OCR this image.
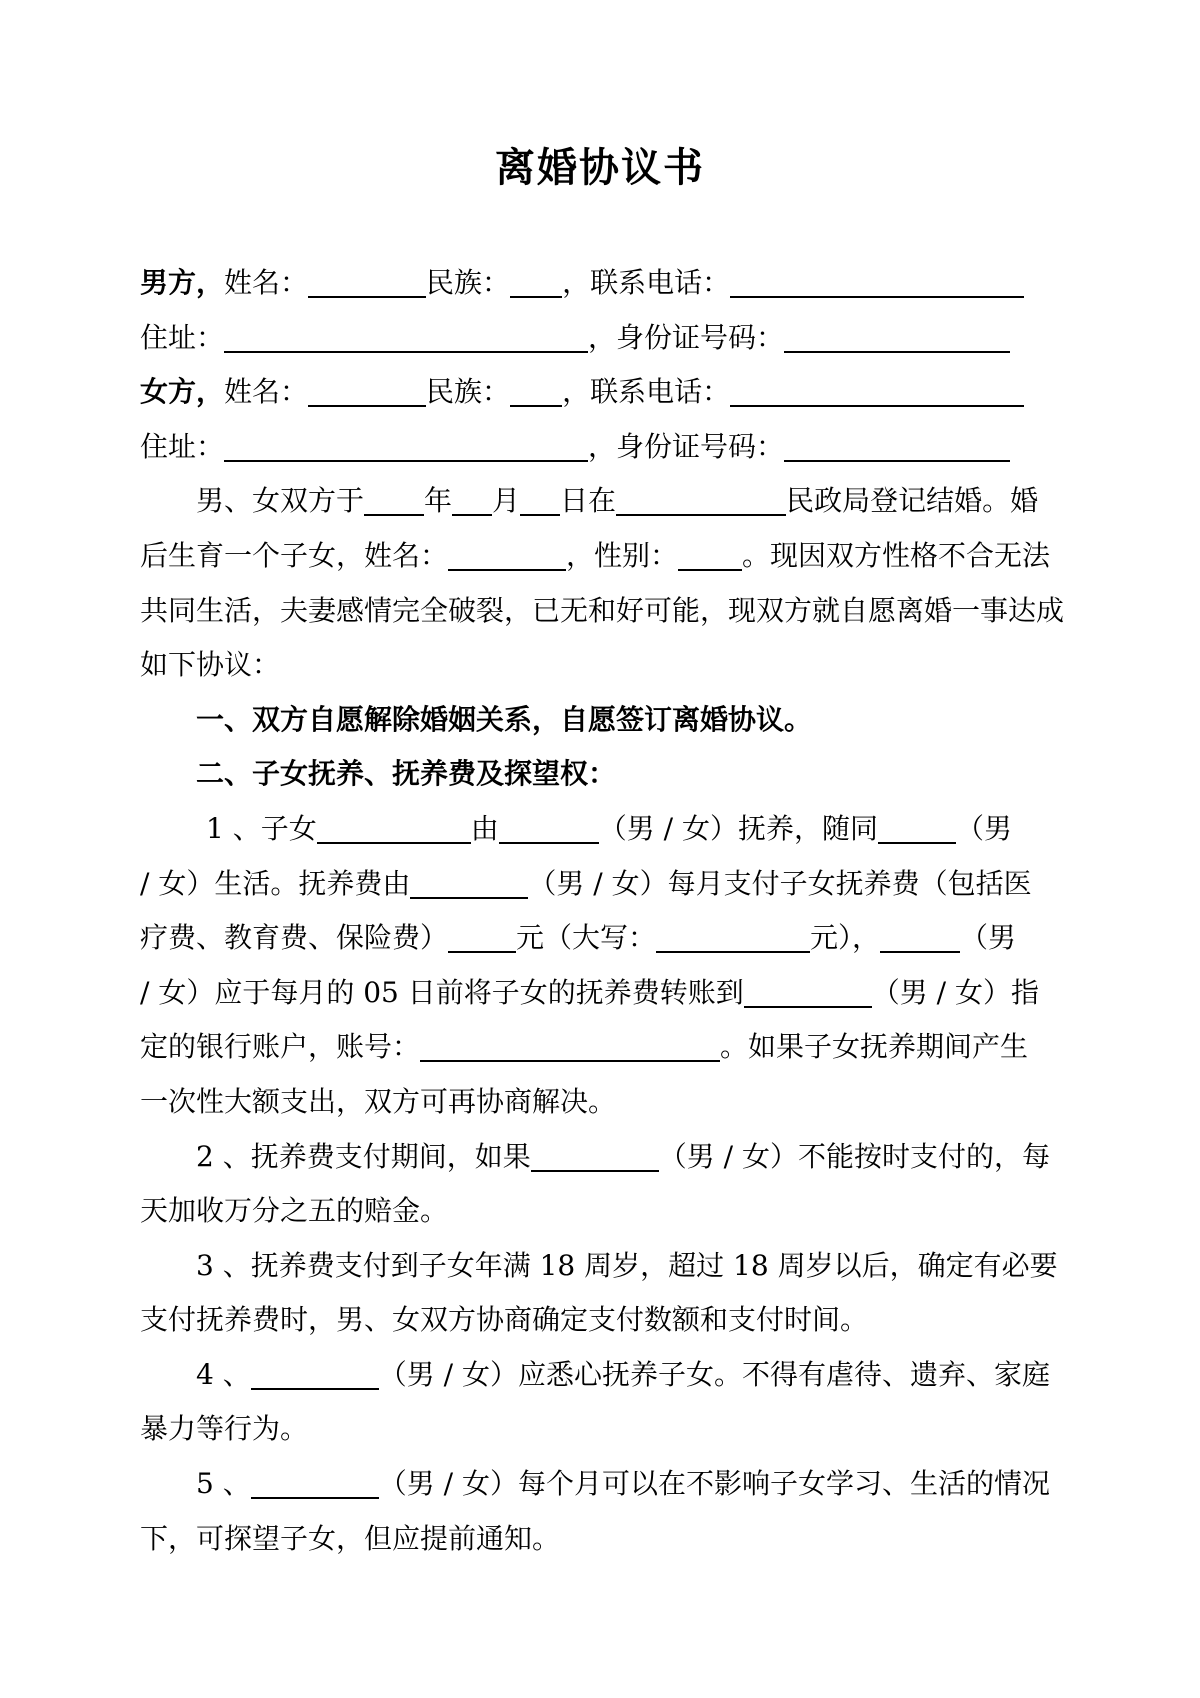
离婚协议书
男方，姓名：	民族： ，联系电话：
住址：	，身份证号码：
女方，姓名：	民族： ，联系电话：
住址：	，身份证号码：
男、女双方于 年 月 日在	民政局登记结婚。婚
后生育一个子女，姓名：	，性别： 。现因双方性格不合无法
共同生活，夫妻感情完全破裂，已无和好可能，现双方就自愿离婚一事达成
如下协议：
一、双方自愿解除婚姻关系，自愿签订离婚协议。
二、子女抚养、抚养费及探望权：
1 、子女	由	（男 / 女）抚养，随同	（男
/ 女）生活。抚养费由	（男 / 女）每月支付子女抚养费（包括医
疗费、教育费、保险费） 元（大写：	元），	（男
/ 女）应于每月的 05 日前将子女的抚养费转账到	（男 / 女）指
定的银行账户，账号：	。如果子女抚养期间产生
一次性大额支出，双方可再协商解决。
2 、抚养费支付期间，如果	（男 / 女）不能按时支付的，每
天加收万分之五的赔金。
3 、抚养费支付到子女年满 18 周岁，超过 18 周岁以后，确定有必要
支付抚养费时，男、女双方协商确定支付数额和支付时间。
4 、	（男 / 女）应悉心抚养子女。不得有虐待、遗弃、家庭
暴力等行为。
5 、	（男 / 女）每个月可以在不影响子女学习、生活的情况
下，可探望子女，但应提前通知。
